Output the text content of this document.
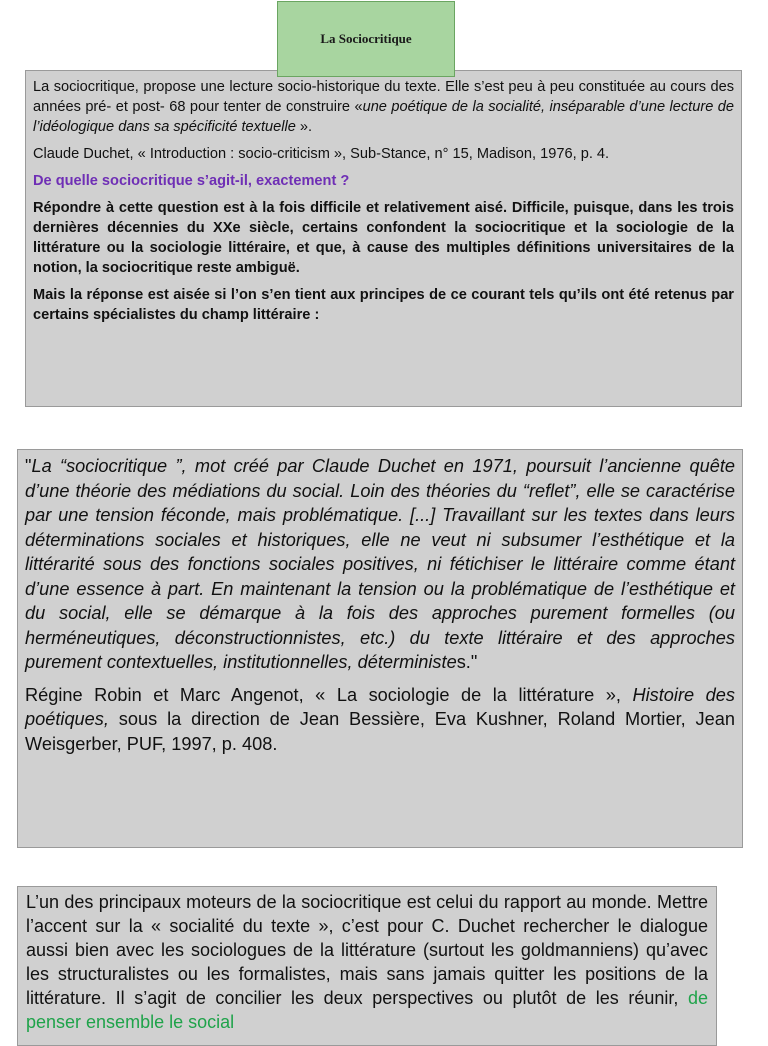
La Sociocritique

La sociocritique, propose une lecture socio-historique du texte. Elle s’est peu à peu constituée au cours des années pré- et post- 68 pour tenter de construire «une poétique de la socialité, inséparable d’une lecture de l’idéologique dans sa spécificité textuelle ».

Claude Duchet, « Introduction : socio-criticism », Sub-Stance, n° 15, Madison, 1976, p. 4.

De quelle sociocritique s’agit-il, exactement ?

Répondre à cette question est à la fois difficile et relativement aisé. Difficile, puisque, dans les trois dernières décennies du XXe siècle, certains confondent la sociocritique et la sociologie de la littérature ou la sociologie littéraire, et que, à cause des multiples définitions universitaires de la notion, la sociocritique reste ambiguë.

Mais la réponse est aisée si l’on s’en tient aux principes de ce courant tels qu’ils ont été retenus par certains spécialistes du champ littéraire :

"La “sociocritique ”, mot créé par Claude Duchet en 1971, poursuit l’ancienne quête d’une théorie des médiations du social. Loin des théories du “reflet”, elle se caractérise par une tension féconde, mais problématique. [...] Travaillant sur les textes dans leurs déterminations sociales et historiques, elle ne veut ni subsumer l’esthétique et la littérarité sous des fonctions sociales positives, ni fétichiser le littéraire comme étant d’une essence à part. En maintenant la tension ou la problématique de l’esthétique et du social, elle se démarque à la fois des approches purement formelles (ou herméneutiques, déconstructionnistes, etc.) du texte littéraire et des approches purement contextuelles, institutionnelles, déterministes."

Régine Robin et Marc Angenot, « La sociologie de la littérature », Histoire des poétiques, sous la direction de Jean Bessière, Eva Kushner, Roland Mortier, Jean Weisgerber, PUF, 1997, p. 408.

L’un des principaux moteurs de la sociocritique est celui du rapport au monde. Mettre l’accent sur la « socialité du texte », c’est pour C. Duchet rechercher le dialogue aussi bien avec les sociologues de la littérature (surtout les goldmanniens) qu’avec les structuralistes ou les formalistes, mais sans jamais quitter les positions de la littérature. Il s’agit de concilier les deux perspectives ou plutôt de les réunir, de penser ensemble le social
